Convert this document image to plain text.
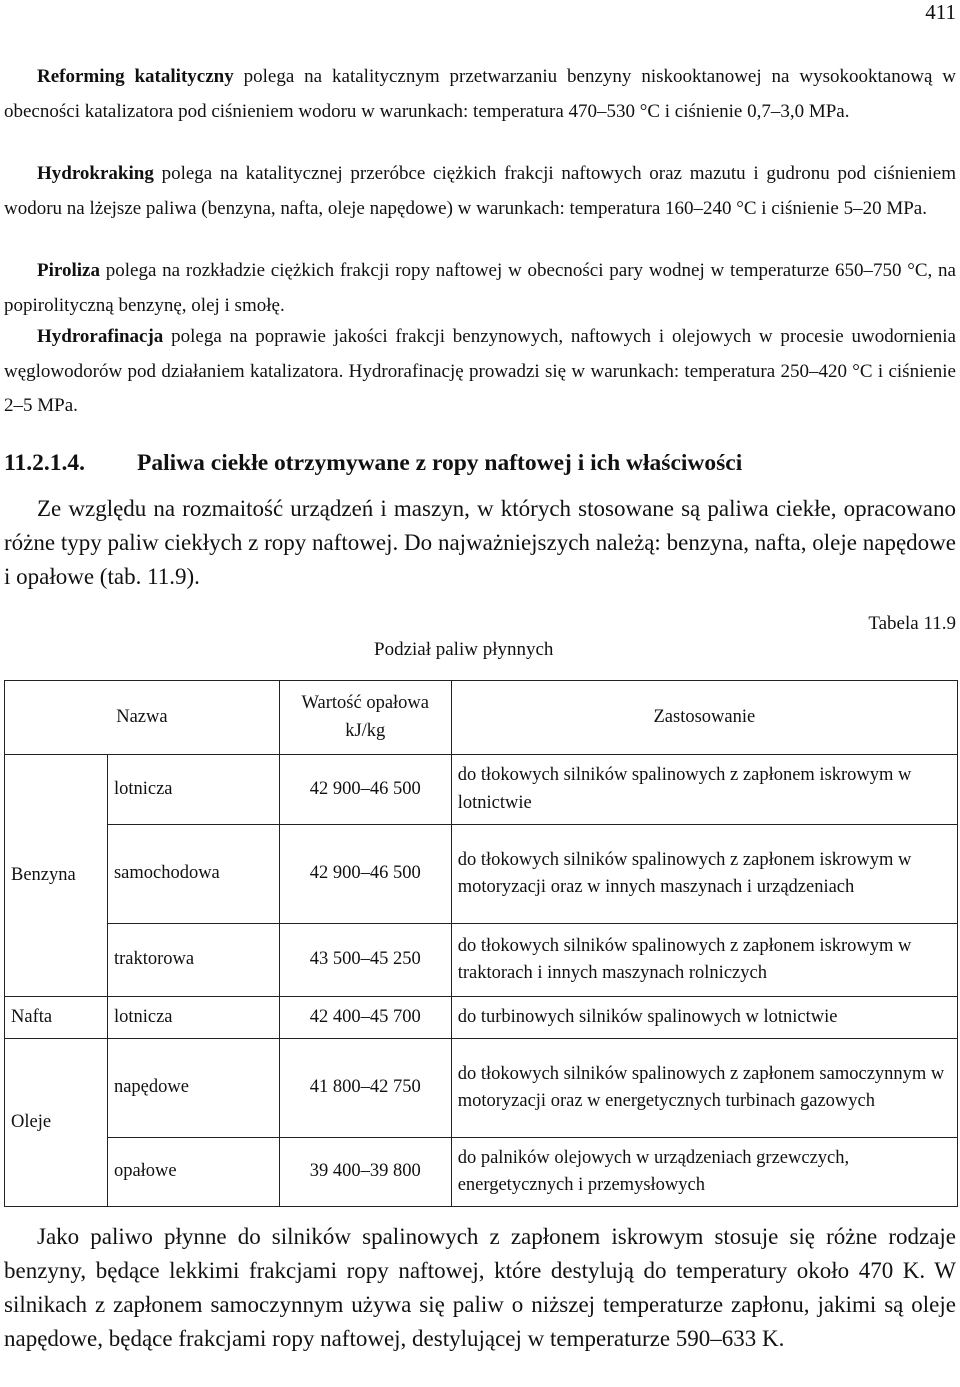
411

Reforming katalityczny polega na katalitycznym przetwarzaniu benzyny niskooktanowej na wysokooktanową w obecności katalizatora pod ciśnieniem wodoru w warunkach: temperatura 470–530 °C i ciśnienie 0,7–3,0 MPa.

Hydrokraking polega na katalitycznej przeróbce ciężkich frakcji naftowych oraz mazutu i gudronu pod ciśnieniem wodoru na lżejsze paliwa (benzyna, nafta, oleje napędowe) w warunkach: temperatura 160–240 °C i ciśnienie 5–20 MPa.

Piroliza polega na rozkładzie ciężkich frakcji ropy naftowej w obecności pary wodnej w temperaturze 650–750 °C, na popirolityczną benzynę, olej i smołę.

Hydrorafinacja polega na poprawie jakości frakcji benzynowych, naftowych i olejowych w procesie uwodornienia węglowodorów pod działaniem katalizatora. Hydrorafinację prowadzi się w warunkach: temperatura 250–420 °C i ciśnienie 2–5 MPa.

11.2.1.4. Paliwa ciekłe otrzymywane z ropy naftowej i ich właściwości

Ze względu na rozmaitość urządzeń i maszyn, w których stosowane są paliwa ciekłe, opracowano różne typy paliw ciekłych z ropy naftowej. Do najważniejszych należą: benzyna, nafta, oleje napędowe i opałowe (tab. 11.9).

Tabela 11.9
Podział paliw płynnych
Nazwa		Wartość opałowa kJ/kg	Zastosowanie
Benzyna	lotnicza	42 900–46 500	do tłokowych silników spalinowych z zapłonem iskrowym w lotnictwie
	samochodowa	42 900–46 500	do tłokowych silników spalinowych z zapłonem iskrowym w motoryzacji oraz w innych maszynach i urządzeniach
	traktorowa	43 500–45 250	do tłokowych silników spalinowych z zapłonem iskrowym w traktorach i innych maszynach rolniczych
Nafta	lotnicza	42 400–45 700	do turbinowych silników spalinowych w lotnictwie
Oleje	napędowe	41 800–42 750	do tłokowych silników spalinowych z zapłonem samoczynnym w motoryzacji oraz w energetycznych turbinach gazowych
	opałowe	39 400–39 800	do palników olejowych w urządzeniach grzewczych, energetycznych i przemysłowych

Jako paliwo płynne do silników spalinowych z zapłonem iskrowym stosuje się różne rodzaje benzyny, będące lekkimi frakcjami ropy naftowej, które destylują do temperatury około 470 K. W silnikach z zapłonem samoczynnym używa się paliw o niższej temperaturze zapłonu, jakimi są oleje napędowe, będące frakcjami ropy naftowej, destylującej w temperaturze 590–633 K.
